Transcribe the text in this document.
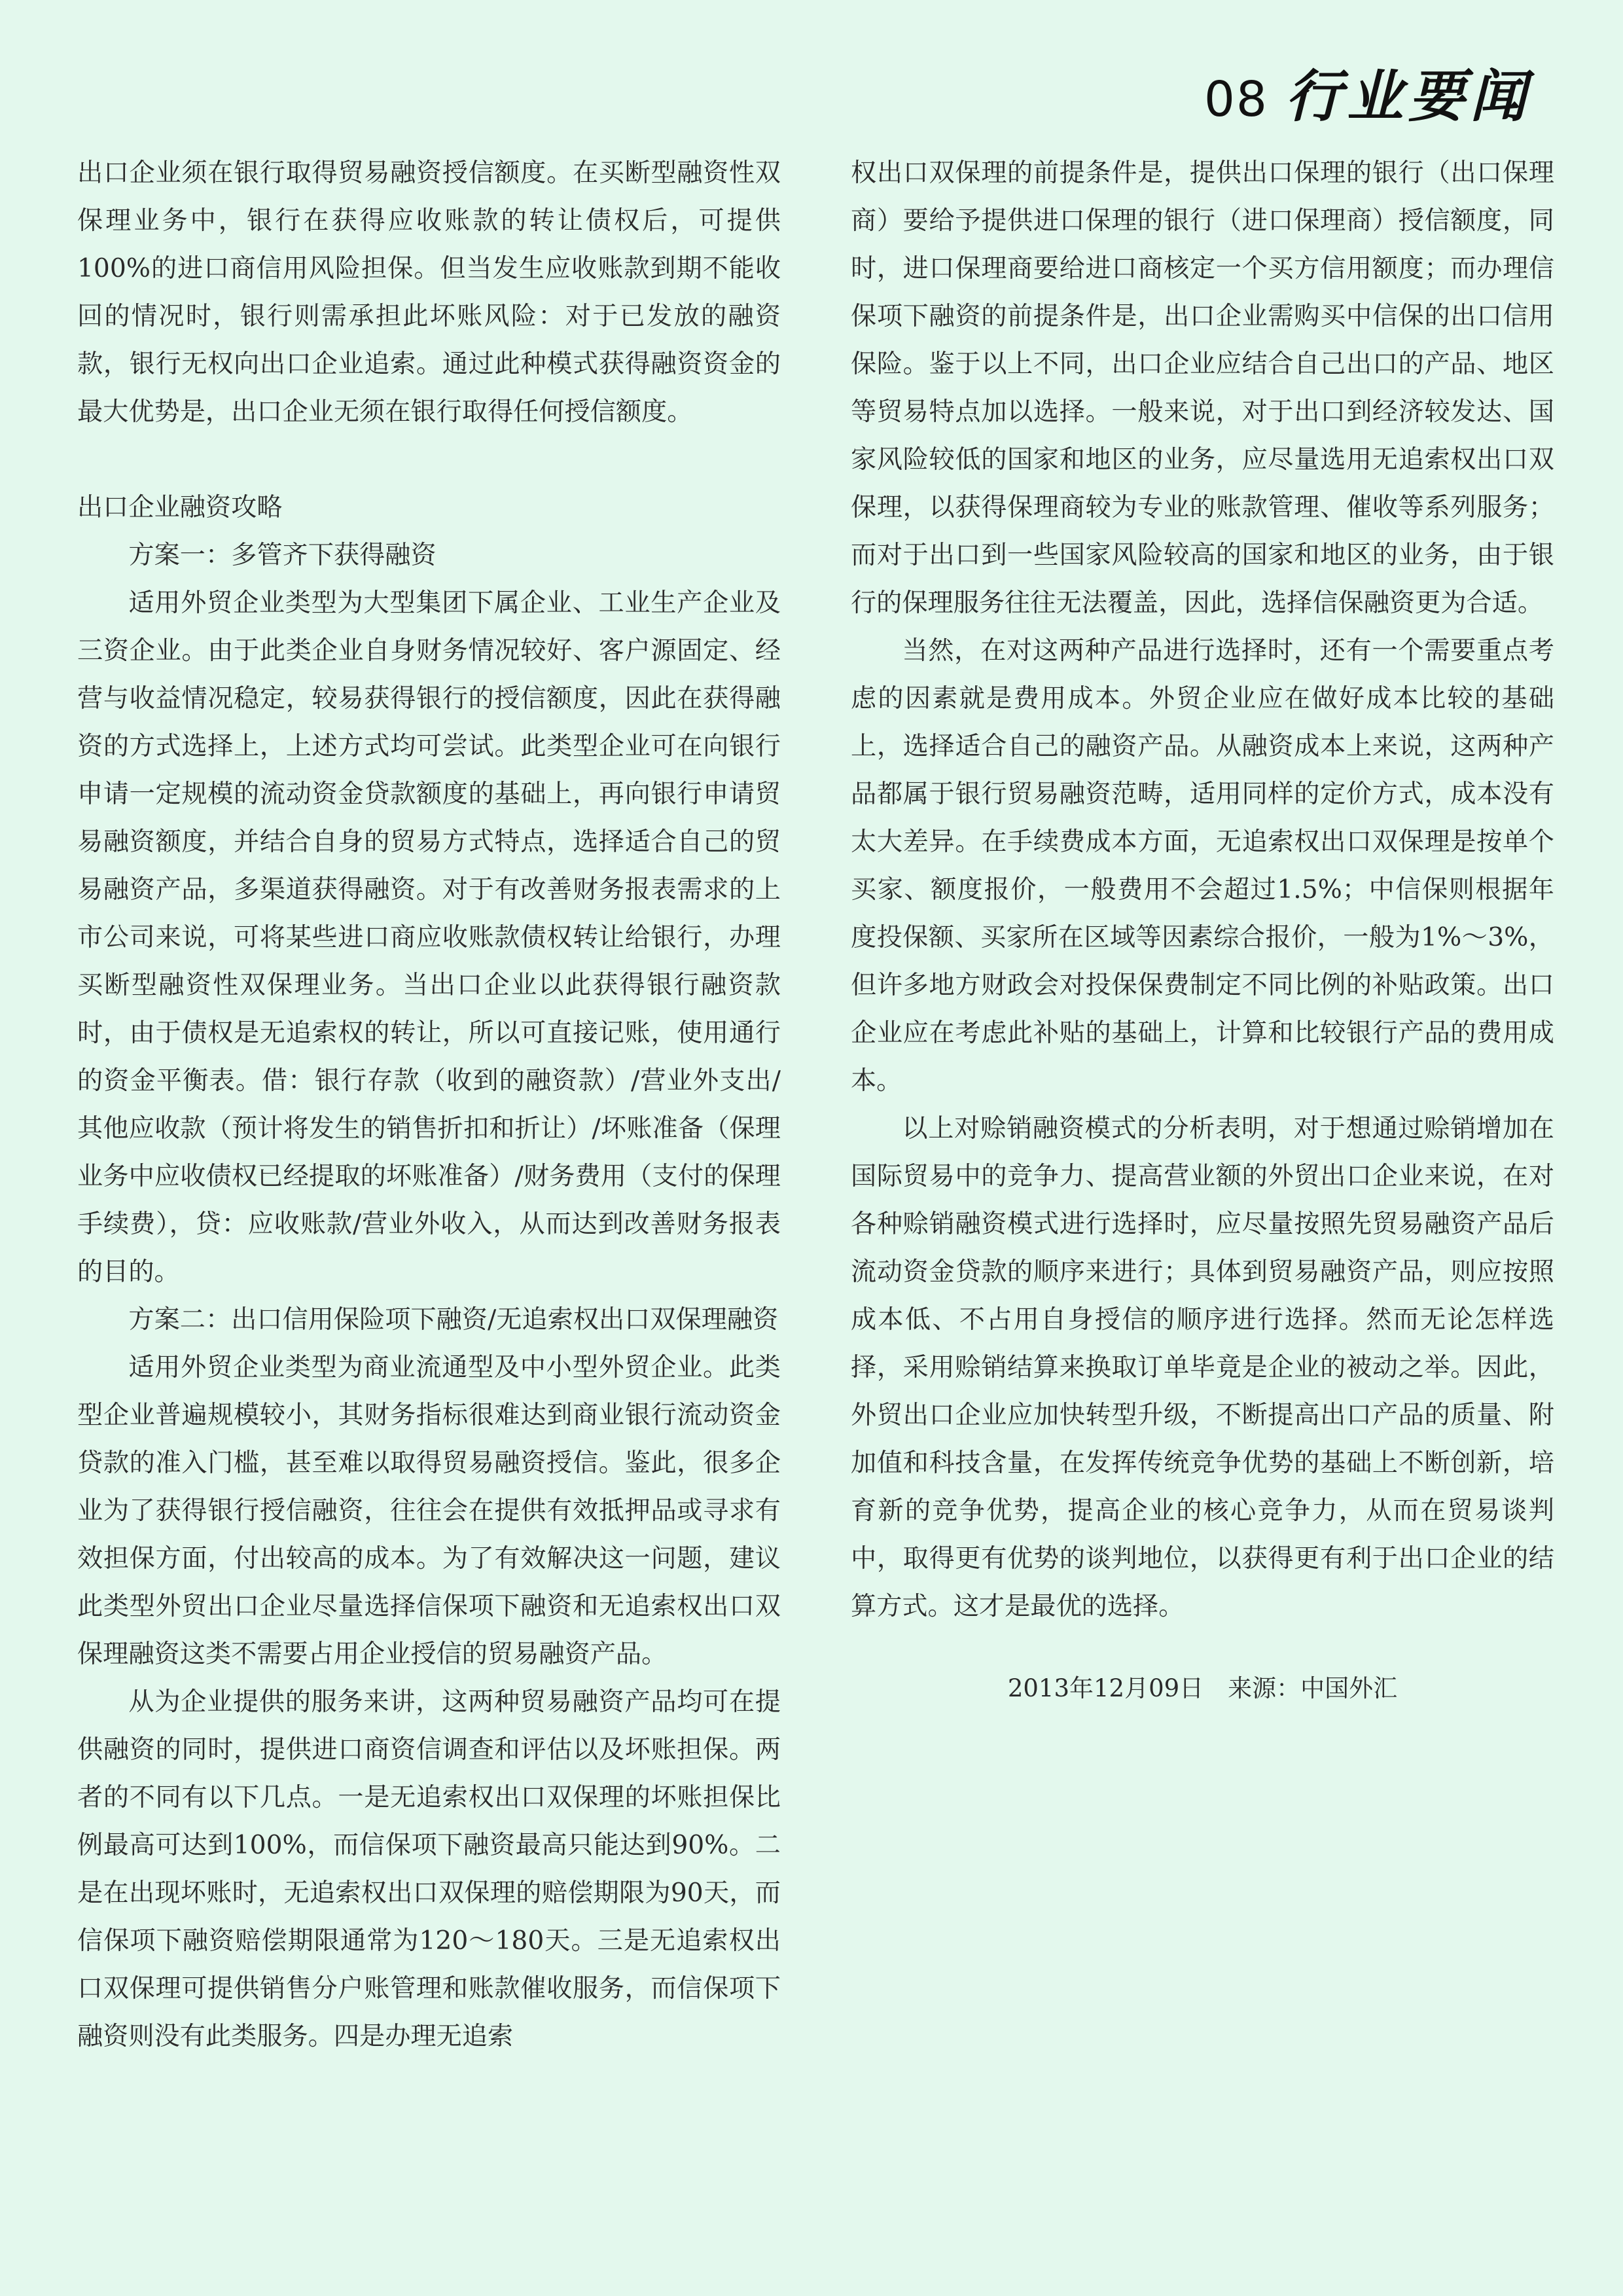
08 行业要闻

出口企业须在银行取得贸易融资授信额度。在买断型融资性双保理业务中，银行在获得应收账款的转让债权后，可提供100%的进口商信用风险担保。但当发生应收账款到期不能收回的情况时，银行则需承担此坏账风险：对于已发放的融资款，银行无权向出口企业追索。通过此种模式获得融资资金的最大优势是，出口企业无须在银行取得任何授信额度。

出口企业融资攻略

方案一：多管齐下获得融资

适用外贸企业类型为大型集团下属企业、工业生产企业及三资企业。由于此类企业自身财务情况较好、客户源固定、经营与收益情况稳定，较易获得银行的授信额度，因此在获得融资的方式选择上，上述方式均可尝试。此类型企业可在向银行申请一定规模的流动资金贷款额度的基础上，再向银行申请贸易融资额度，并结合自身的贸易方式特点，选择适合自己的贸易融资产品，多渠道获得融资。对于有改善财务报表需求的上市公司来说，可将某些进口商应收账款债权转让给银行，办理买断型融资性双保理业务。当出口企业以此获得银行融资款时，由于债权是无追索权的转让，所以可直接记账，使用通行的资金平衡表。借：银行存款（收到的融资款）/营业外支出/其他应收款（预计将发生的销售折扣和折让）/坏账准备（保理业务中应收债权已经提取的坏账准备）/财务费用（支付的保理手续费），贷：应收账款/营业外收入，从而达到改善财务报表的目的。

方案二：出口信用保险项下融资/无追索权出口双保理融资

适用外贸企业类型为商业流通型及中小型外贸企业。此类型企业普遍规模较小，其财务指标很难达到商业银行流动资金贷款的准入门槛，甚至难以取得贸易融资授信。鉴此，很多企业为了获得银行授信融资，往往会在提供有效抵押品或寻求有效担保方面，付出较高的成本。为了有效解决这一问题，建议此类型外贸出口企业尽量选择信保项下融资和无追索权出口双保理融资这类不需要占用企业授信的贸易融资产品。

从为企业提供的服务来讲，这两种贸易融资产品均可在提供融资的同时，提供进口商资信调查和评估以及坏账担保。两者的不同有以下几点。一是无追索权出口双保理的坏账担保比例最高可达到100%，而信保项下融资最高只能达到90%。二是在出现坏账时，无追索权出口双保理的赔偿期限为90天，而信保项下融资赔偿期限通常为120～180天。三是无追索权出口双保理可提供销售分户账管理和账款催收服务，而信保项下融资则没有此类服务。四是办理无追索

权出口双保理的前提条件是，提供出口保理的银行（出口保理商）要给予提供进口保理的银行（进口保理商）授信额度，同时，进口保理商要给进口商核定一个买方信用额度；而办理信保项下融资的前提条件是，出口企业需购买中信保的出口信用保险。鉴于以上不同，出口企业应结合自己出口的产品、地区等贸易特点加以选择。一般来说，对于出口到经济较发达、国家风险较低的国家和地区的业务，应尽量选用无追索权出口双保理，以获得保理商较为专业的账款管理、催收等系列服务；而对于出口到一些国家风险较高的国家和地区的业务，由于银行的保理服务往往无法覆盖，因此，选择信保融资更为合适。

当然，在对这两种产品进行选择时，还有一个需要重点考虑的因素就是费用成本。外贸企业应在做好成本比较的基础上，选择适合自己的融资产品。从融资成本上来说，这两种产品都属于银行贸易融资范畴，适用同样的定价方式，成本没有太大差异。在手续费成本方面，无追索权出口双保理是按单个买家、额度报价，一般费用不会超过1.5%；中信保则根据年度投保额、买家所在区域等因素综合报价，一般为1%～3%，但许多地方财政会对投保保费制定不同比例的补贴政策。出口企业应在考虑此补贴的基础上，计算和比较银行产品的费用成本。

以上对赊销融资模式的分析表明，对于想通过赊销增加在国际贸易中的竞争力、提高营业额的外贸出口企业来说，在对各种赊销融资模式进行选择时，应尽量按照先贸易融资产品后流动资金贷款的顺序来进行；具体到贸易融资产品，则应按照成本低、不占用自身授信的顺序进行选择。然而无论怎样选择，采用赊销结算来换取订单毕竟是企业的被动之举。因此，外贸出口企业应加快转型升级，不断提高出口产品的质量、附加值和科技含量，在发挥传统竞争优势的基础上不断创新，培育新的竞争优势，提高企业的核心竞争力，从而在贸易谈判中，取得更有优势的谈判地位，以获得更有利于出口企业的结算方式。这才是最优的选择。

2013年12月09日　来源：中国外汇
